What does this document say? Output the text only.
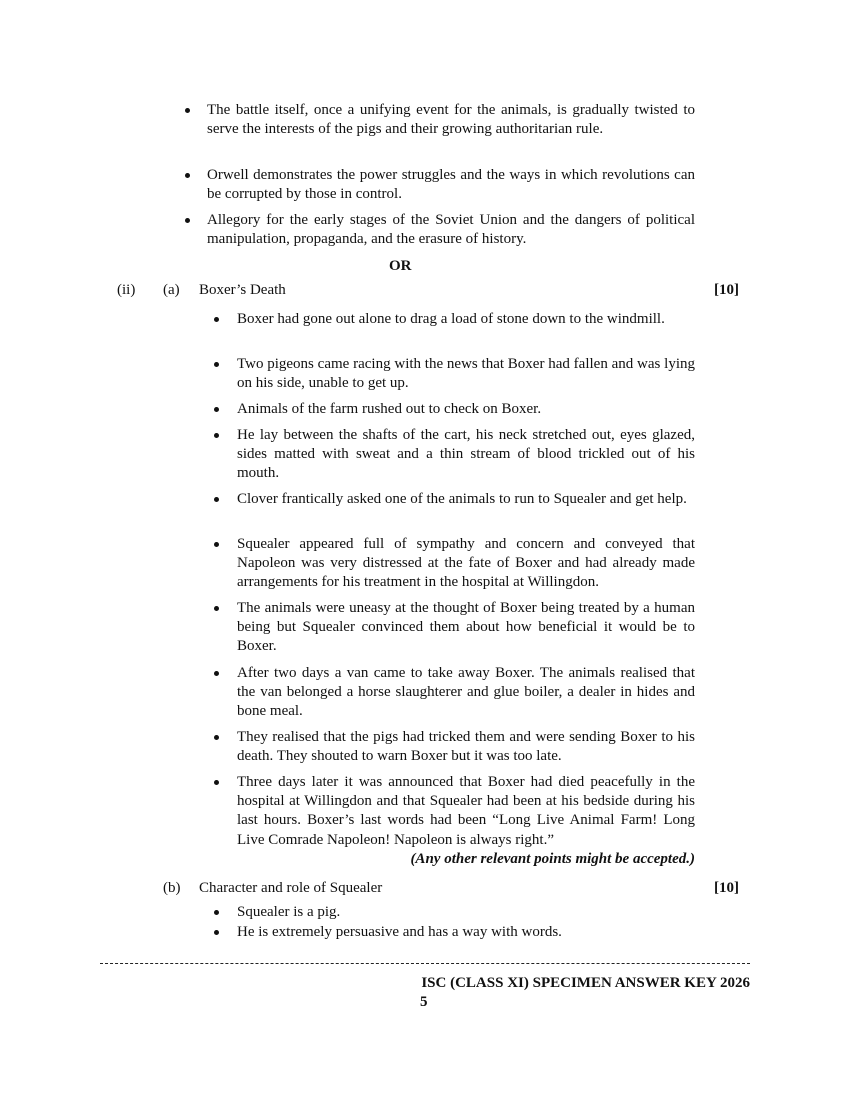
The battle itself, once a unifying event for the animals, is gradually twisted to serve the interests of the pigs and their growing authoritarian rule.
Orwell demonstrates the power struggles and the ways in which revolutions can be corrupted by those in control.
Allegory for the early stages of the Soviet Union and the dangers of political manipulation, propaganda, and the erasure of history.
OR
(ii) (a) Boxer’s Death	[10]
Boxer had gone out alone to drag a load of stone down to the windmill.
Two pigeons came racing with the news that Boxer had fallen and was lying on his side, unable to get up.
Animals of the farm rushed out to check on Boxer.
He lay between the shafts of the cart, his neck stretched out, eyes glazed, sides matted with sweat and a thin stream of blood trickled out of his mouth.
Clover frantically asked one of the animals to run to Squealer and get help.
Squealer appeared full of sympathy and concern and conveyed that Napoleon was very distressed at the fate of Boxer and had already made arrangements for his treatment in the hospital at Willingdon.
The animals were uneasy at the thought of Boxer being treated by a human being but Squealer convinced them about how beneficial it would be to Boxer.
After two days a van came to take away Boxer. The animals realised that the van belonged a horse slaughterer and glue boiler, a dealer in hides and bone meal.
They realised that the pigs had tricked them and were sending Boxer to his death. They shouted to warn Boxer but it was too late.
Three days later it was announced that Boxer had died peacefully in the hospital at Willingdon and that Squealer had been at his bedside during his last hours. Boxer’s last words had been “Long Live Animal Farm! Long Live Comrade Napoleon! Napoleon is always right.”
(Any other relevant points might be accepted.)
(b) Character and role of Squealer	[10]
Squealer is a pig.
He is extremely persuasive and has a way with words.
ISC (CLASS XI) SPECIMEN ANSWER KEY 2026
5
